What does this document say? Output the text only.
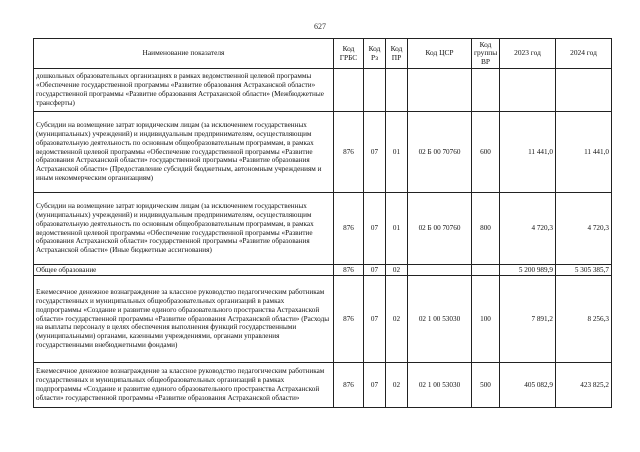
627
Наименование показателя	Код ГРБС	Код Рз	Код ПР	Код ЦСР	Код группы ВР	2023 год	2024 год
дошкольных образовательных организациях в рамках ведомственной целевой программы «Обеспечение государственной программы «Развитие образования Астраханской области» государственной программы «Развитие образования Астраханской области» (Межбюджетные трансферты)							
Субсидии на возмещение затрат юридическим лицам (за исключением государственных (муниципальных) учреждений) и индивидуальным предпринимателям, осуществляющим образовательную деятельность по основным общеобразовательным программам, в рамках ведомственной целевой программы «Обеспечение государственной программы «Развитие образования Астраханской области» государственной программы «Развитие образования Астраханской области» (Предоставление субсидий бюджетным, автономным учреждениям и иным некоммерческим организациям)	876	07	01	02 Б 00 70760	600	11 441,0	11 441,0
Субсидии на возмещение затрат юридическим лицам (за исключением государственных (муниципальных) учреждений) и индивидуальным предпринимателям, осуществляющим образовательную деятельность по основным общеобразовательным программам, в рамках ведомственной целевой программы «Обеспечение государственной программы «Развитие образования Астраханской области» государственной программы «Развитие образования Астраханской области» (Иные бюджетные ассигнования)	876	07	01	02 Б 00 70760	800	4 720,3	4 720,3
Общее образование	876	07	02			5 200 989,9	5 305 385,7
Ежемесячное денежное вознаграждение за классное руководство педагогическим работникам государственных и муниципальных общеобразовательных организаций в рамках подпрограммы «Создание и развитие единого образовательного пространства Астраханской области» государственной программы «Развитие образования Астраханской области» (Расходы на выплаты персоналу в целях обеспечения выполнения функций государственными (муниципальными) органами, казенными учреждениями, органами управления государственными внебюджетными фондами)	876	07	02	02 1 00 53030	100	7 891,2	8 256,3
Ежемесячное денежное вознаграждение за классное руководство педагогическим работникам государственных и муниципальных общеобразовательных организаций в рамках подпрограммы «Создание и развитие единого образовательного пространства Астраханской области» государственной программы «Развитие образования Астраханской области»	876	07	02	02 1 00 53030	500	405 082,9	423 825,2
